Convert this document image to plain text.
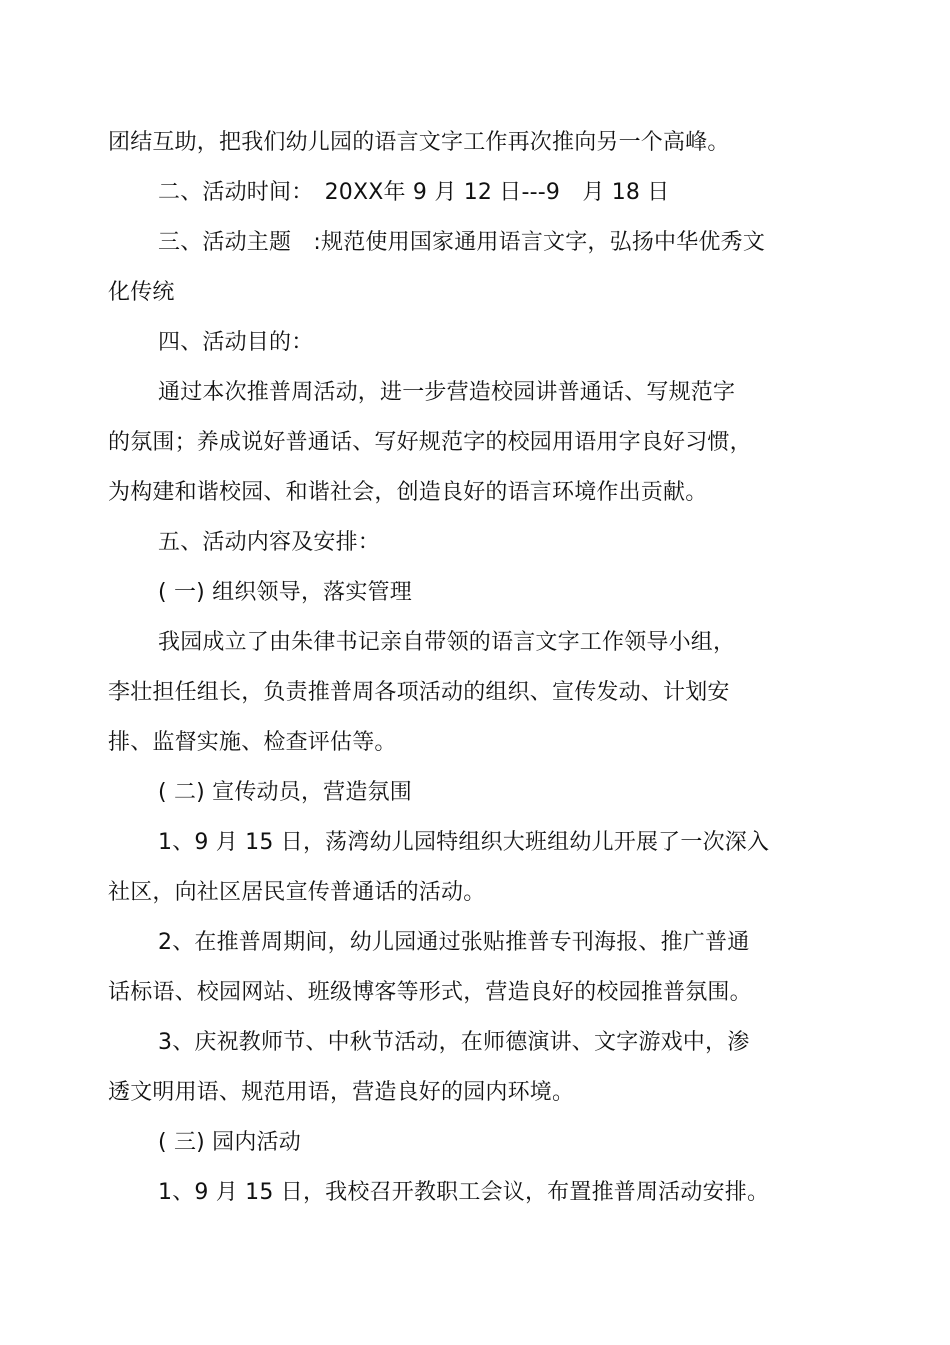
团结互助，把我们幼儿园的语言文字工作再次推向另一个高峰。
二、活动时间：　20XX年 9 月 12 日---9　月 18 日
三、活动主题　:规范使用国家通用语言文字，弘扬中华优秀文
化传统
四、活动目的：
通过本次推普周活动，进一步营造校园讲普通话、写规范字
的氛围；养成说好普通话、写好规范字的校园用语用字良好习惯，
为构建和谐校园、和谐社会，创造良好的语言环境作出贡献。
五、活动内容及安排：
( 一) 组织领导，落实管理
我园成立了由朱律书记亲自带领的语言文字工作领导小组，
李壮担任组长，负责推普周各项活动的组织、宣传发动、计划安
排、监督实施、检查评估等。
( 二) 宣传动员，营造氛围
1、9 月 15 日，荡湾幼儿园特组织大班组幼儿开展了一次深入
社区，向社区居民宣传普通话的活动。
2、在推普周期间，幼儿园通过张贴推普专刊海报、推广普通
话标语、校园网站、班级博客等形式，营造良好的校园推普氛围。
3、庆祝教师节、中秋节活动，在师德演讲、文字游戏中，渗
透文明用语、规范用语，营造良好的园内环境。
( 三) 园内活动
1、9 月 15 日，我校召开教职工会议，布置推普周活动安排。
